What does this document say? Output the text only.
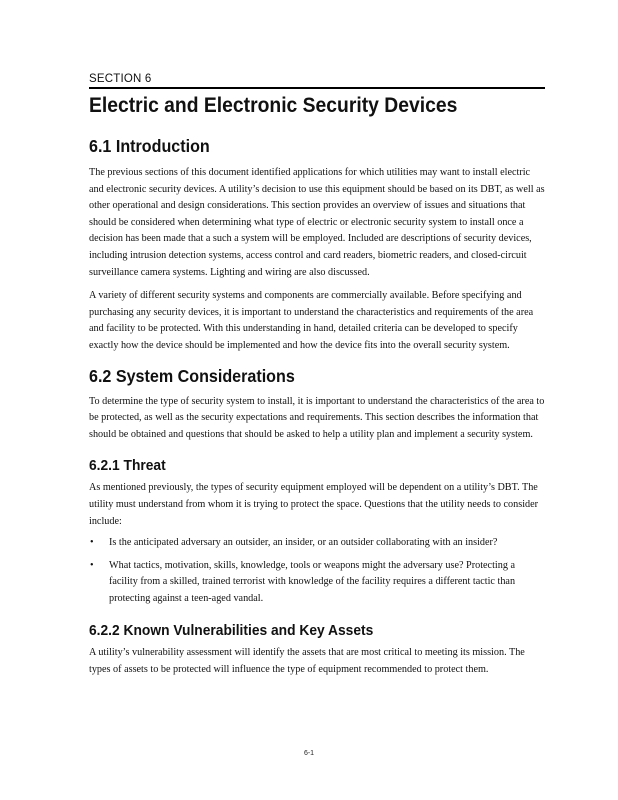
SECTION 6
Electric and Electronic Security Devices
6.1 Introduction

The previous sections of this document identified applications for which utilities may want to install electric and electronic security devices. A utility’s decision to use this equipment should be based on its DBT, as well as other operational and design considerations. This section provides an overview of issues and situations that should be considered when determining what type of electric or electronic security system to install once a decision has been made that a such a system will be employed. Included are descriptions of security devices, including intrusion detection systems, access control and card readers, biometric readers, and closed-circuit surveillance camera systems. Lighting and wiring are also discussed.

A variety of different security systems and components are commercially available. Before specifying and purchasing any security devices, it is important to understand the characteristics and requirements of the area and facility to be protected. With this understanding in hand, detailed criteria can be developed to specify exactly how the device should be implemented and how the device fits into the overall security system.

6.2 System Considerations

To determine the type of security system to install, it is important to understand the characteristics of the area to be protected, as well as the security expectations and requirements. This section describes the information that should be obtained and questions that should be asked to help a utility plan and implement a security system.

6.2.1 Threat

As mentioned previously, the types of security equipment employed will be dependent on a utility’s DBT. The utility must understand from whom it is trying to protect the space. Questions that the utility needs to consider include:

• Is the anticipated adversary an outsider, an insider, or an outsider collaborating with an insider?
• What tactics, motivation, skills, knowledge, tools or weapons might the adversary use? Protecting a facility from a skilled, trained terrorist with knowledge of the facility requires a different tactic than protecting against a teen-aged vandal.
6.2.2 Known Vulnerabilities and Key Assets

A utility’s vulnerability assessment will identify the assets that are most critical to meeting its mission. The types of assets to be protected will influence the type of equipment recommended to protect them.

6-1
